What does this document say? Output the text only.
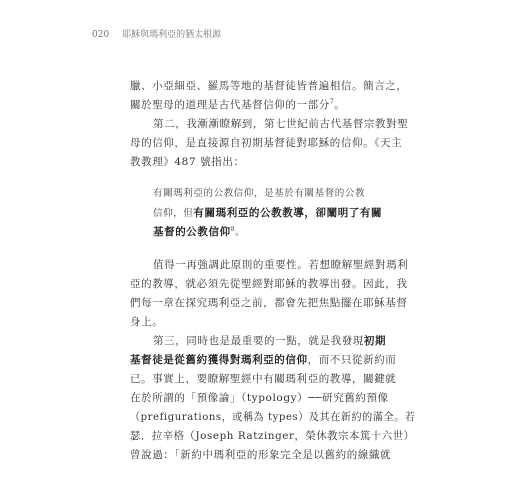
020 耶穌與瑪利亞的猶太根源
臘、小亞細亞、羅馬等地的基督徒皆普遍相信。簡言之，
關於聖母的道理是古代基督信仰的一部分$^7$。
第二，我漸漸瞭解到，第七世紀前古代基督宗教對聖
母的信仰，是直接源自初期基督徒對耶穌的信仰。《天主
教教理》487 號指出：
有關瑪利亞的公教信仰，是基於有關基督的公教
信仰，但有關瑪利亞的公教教導，卻闡明了有關
基督的公教信仰$^8$。
值得一再強調此原則的重要性。若想瞭解聖經對瑪利
亞的教導，就必須先從聖經對耶穌的教導出發。因此，我
們每一章在探究瑪利亞之前，都會先把焦點擺在耶穌基督
身上。
第三，同時也是最重要的一點，就是我發現初期
基督徒是從舊約獲得對瑪利亞的信仰，而不只從新約而
已。事實上，要瞭解聖經中有關瑪利亞的教導，關鍵就
在於所謂的「預像論」（typology）──研究舊約預像
（prefigurations，或稱為 types）及其在新約的滿全。若
瑟．拉辛格（Joseph Ratzinger，榮休教宗本篤十六世）
曾說過：「新約中瑪利亞的形象完全是以舊約的線織就
